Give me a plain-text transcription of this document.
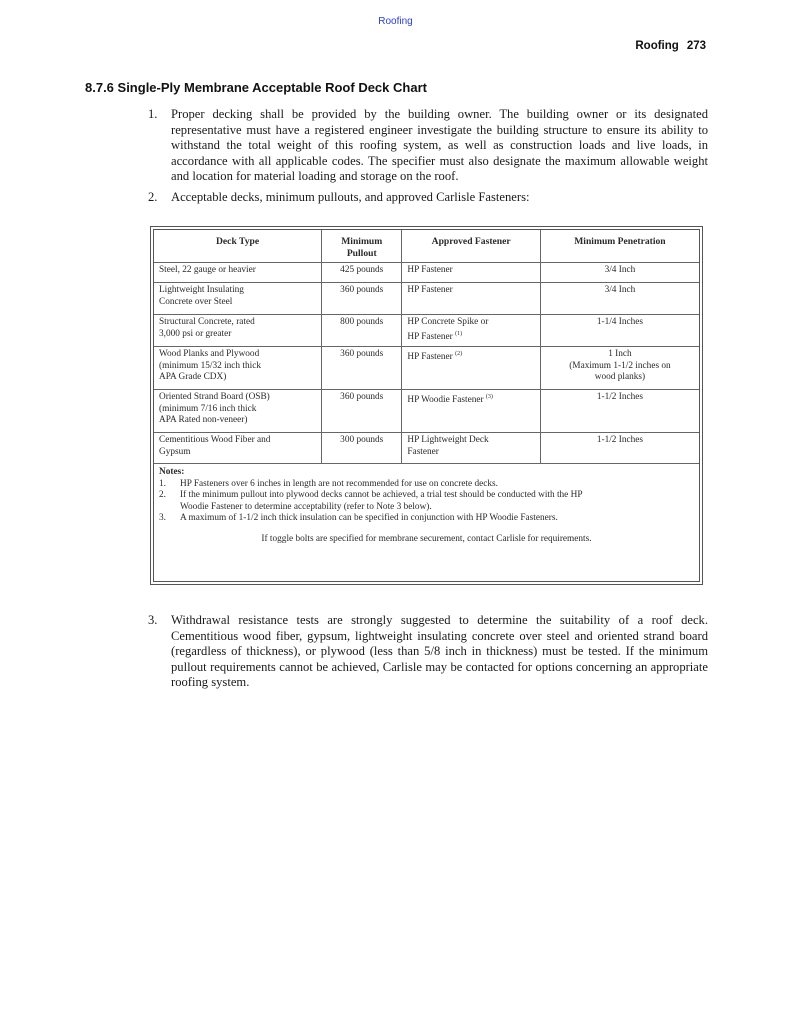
Roofing
Roofing 273
8.7.6 Single-Ply Membrane Acceptable Roof Deck Chart
1. Proper decking shall be provided by the building owner. The building owner or its designated representative must have a registered engineer investigate the building structure to ensure its ability to withstand the total weight of this roofing system, as well as construction loads and live loads, in accordance with all applicable codes. The specifier must also designate the maximum allowable weight and location for material loading and storage on the roof.
2. Acceptable decks, minimum pullouts, and approved Carlisle Fasteners:
Deck Type	Minimum Pullout	Approved Fastener	Minimum Penetration
Steel, 22 gauge or heavier	425 pounds	HP Fastener	3/4 Inch
Lightweight Insulating
Concrete over Steel	360 pounds	HP Fastener	3/4 Inch
Structural Concrete, rated
3,000 psi or greater	800 pounds	HP Concrete Spike or
HP Fastener $^{(1)}$	1-1/4 Inches
Wood Planks and Plywood
(minimum 15/32 inch thick
APA Grade CDX)	360 pounds	HP Fastener $^{(2)}$	1 Inch
(Maximum 1-1/2 inches on
wood planks)
Oriented Strand Board (OSB)
(minimum 7/16 inch thick
APA Rated non-veneer)	360 pounds	HP Woodie Fastener $^{(3)}$	1-1/2 Inches
Cementitious Wood Fiber and
Gypsum	300 pounds	HP Lightweight Deck
Fastener	1-1/2 Inches
Notes:
1. HP Fasteners over 6 inches in length are not recommended for use on concrete decks.
2. If the minimum pullout into plywood decks cannot be achieved, a trial test should be conducted with the HP
Woodie Fastener to determine acceptability (refer to Note 3 below).
3. A maximum of 1-1/2 inch thick insulation can be specified in conjunction with HP Woodie Fasteners.
If toggle bolts are specified for membrane securement, contact Carlisle for requirements.
3. Withdrawal resistance tests are strongly suggested to determine the suitability of a roof deck. Cementitious wood fiber, gypsum, lightweight insulating concrete over steel and oriented strand board (regardless of thickness), or plywood (less than 5/8 inch in thickness) must be tested. If the minimum pullout requirements cannot be achieved, Carlisle may be contacted for options concerning an appropriate roofing system.
